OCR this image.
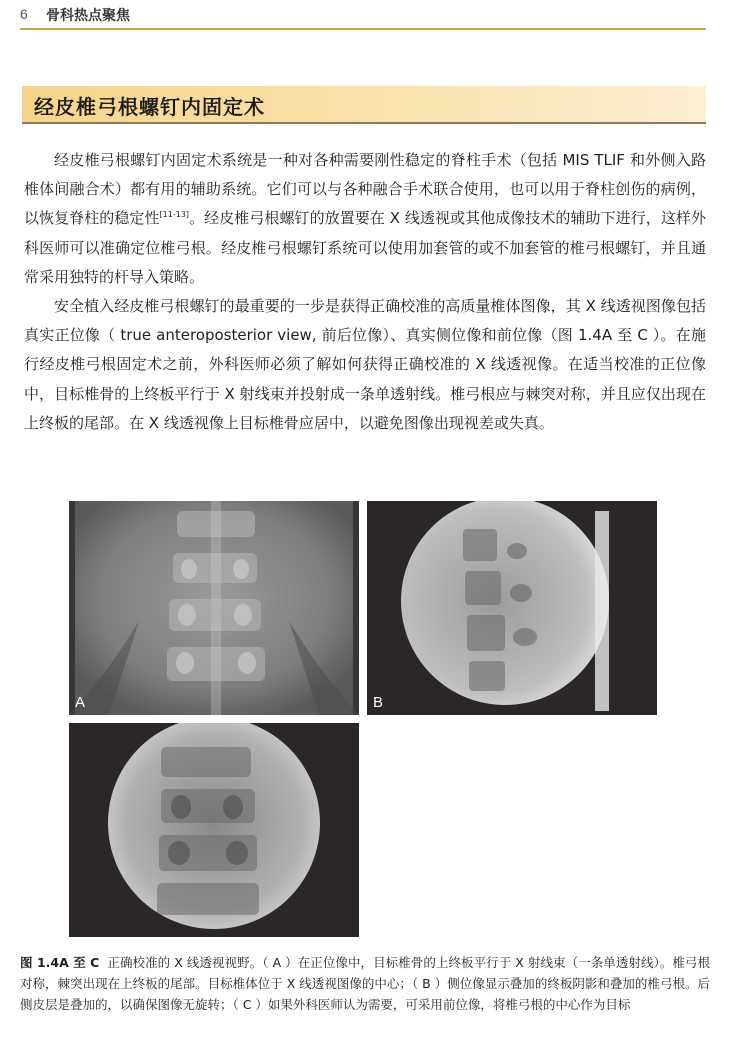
6 骨科热点聚焦
经皮椎弓根螺钉内固定术

经皮椎弓根螺钉内固定术系统是一种对各种需要刚性稳定的脊柱手术（包括 MIS TLIF 和外侧入路椎体间融合术）都有用的辅助系统。它们可以与各种融合手术联合使用，也可以用于脊柱创伤的病例，以恢复脊柱的稳定性[11-13]。经皮椎弓根螺钉的放置要在 X 线透视或其他成像技术的辅助下进行，这样外科医师可以准确定位椎弓根。经皮椎弓根螺钉系统可以使用加套管的或不加套管的椎弓根螺钉，并且通常采用独特的杆导入策略。

安全植入经皮椎弓根螺钉的最重要的一步是获得正确校准的高质量椎体图像，其 X 线透视图像包括真实正位像（ true anteroposterior view, 前后位像）、真实侧位像和前位像（图 1.4A 至 C ）。在施行经皮椎弓根固定术之前，外科医师必须了解如何获得正确校准的 X 线透视像。在适当校准的正位像中，目标椎骨的上终板平行于 X 射线束并投射成一条单透射线。椎弓根应与棘突对称，并且应仅出现在上终板的尾部。在 X 线透视像上目标椎骨应居中，以避免图像出现视差或失真。

A	B
图 1.4A 至 C 正确校准的 X 线透视视野。（ A ）在正位像中，目标椎骨的上终板平行于 X 射线束（一条单透射线）。椎弓根对称，棘突出现在上终板的尾部。目标椎体位于 X 线透视图像的中心；（ B ）侧位像显示叠加的终板阴影和叠加的椎弓根。后侧皮层是叠加的，以确保图像无旋转；（ C ）如果外科医师认为需要，可采用前位像，将椎弓根的中心作为目标
